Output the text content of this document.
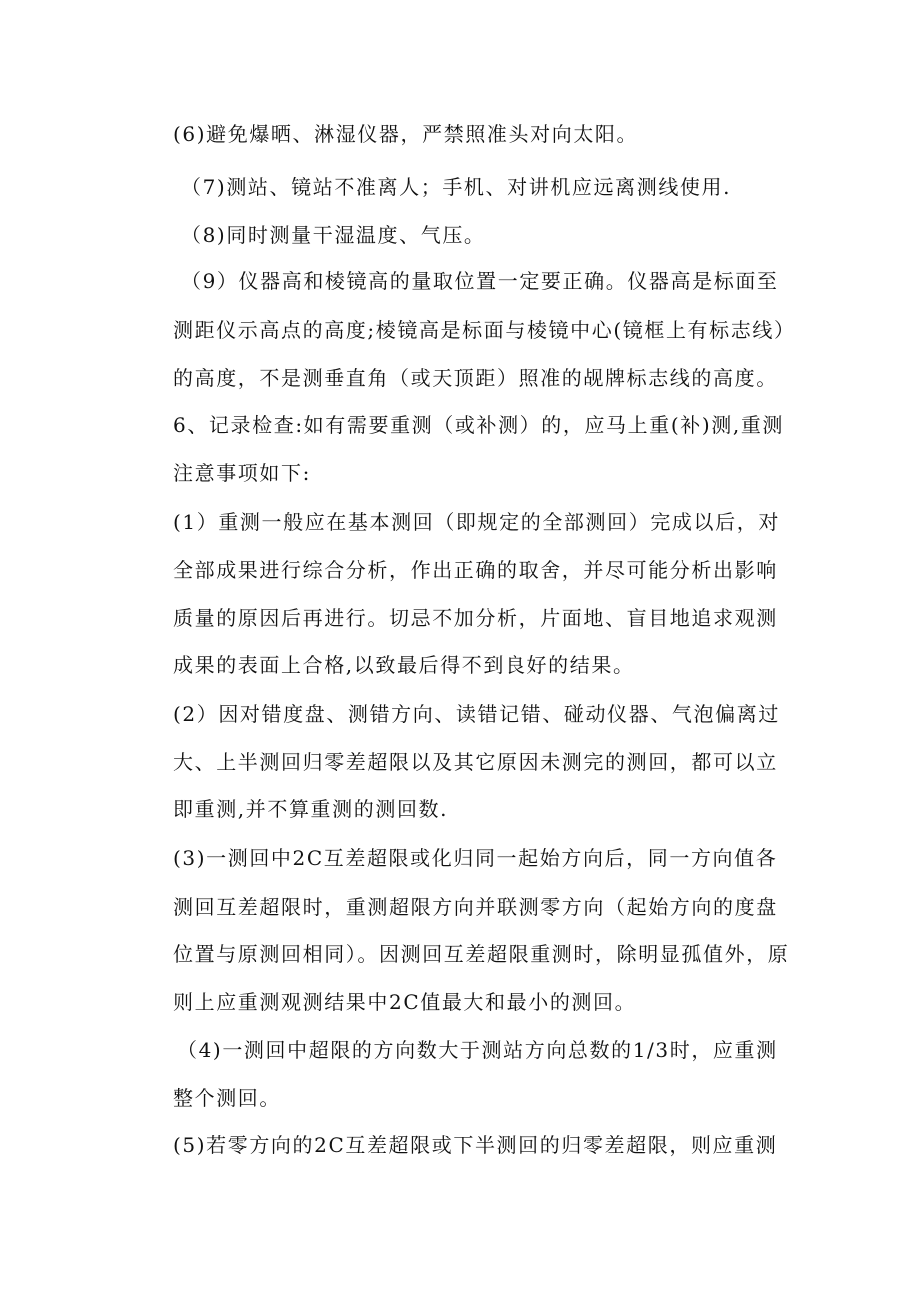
(6)避免爆晒、淋湿仪器，严禁照准头对向太阳。
（7)测站、镜站不准离人；手机、对讲机应远离测线使用.
（8)同时测量干湿温度、气压。
（9）仪器高和棱镜高的量取位置一定要正确。仪器高是标面至
测距仪示高点的高度;棱镜高是标面与棱镜中心(镜框上有标志线）
的高度，不是测垂直角（或天顶距）照准的觇牌标志线的高度。
6、记录检查:如有需要重测（或补测）的，应马上重(补)测,重测
注意事项如下:
(1）重测一般应在基本测回（即规定的全部测回）完成以后，对
全部成果进行综合分析，作出正确的取舍，并尽可能分析出影响
质量的原因后再进行。切忌不加分析，片面地、盲目地追求观测
成果的表面上合格,以致最后得不到良好的结果。
(2）因对错度盘、测错方向、读错记错、碰动仪器、气泡偏离过
大、上半测回归零差超限以及其它原因未测完的测回，都可以立
即重测,并不算重测的测回数.
(3)一测回中2C互差超限或化归同一起始方向后，同一方向值各
测回互差超限时，重测超限方向并联测零方向（起始方向的度盘
位置与原测回相同）。因测回互差超限重测时，除明显孤值外，原
则上应重测观测结果中2C值最大和最小的测回。
（4)一测回中超限的方向数大于测站方向总数的1/3时，应重测
整个测回。
(5)若零方向的2C互差超限或下半测回的归零差超限，则应重测
